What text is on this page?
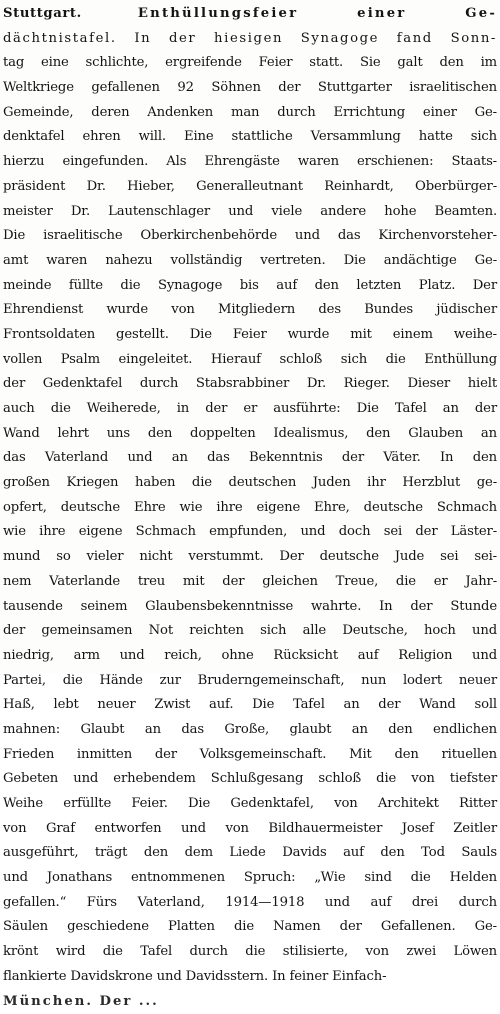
Stuttgart.	Enthüllungsfeier einer Ge-
dächtnistafel. In der hiesigen Synagoge fand Sonn-
tag eine schlichte, ergreifende Feier statt. Sie galt den im
Weltkriege gefallenen 92 Söhnen der Stuttgarter israelitischen
Gemeinde, deren Andenken man durch Errichtung einer Ge-
denktafel ehren will. Eine stattliche Versammlung hatte sich
hierzu eingefunden. Als Ehrengäste waren erschienen: Staats-
präsident Dr. Hieber, Generalleutnant Reinhardt, Oberbürger-
meister Dr. Lautenschlager und viele andere hohe Beamten.
Die israelitische Oberkirchenbehörde und das Kirchenvorsteher-
amt waren nahezu vollständig vertreten. Die andächtige Ge-
meinde füllte die Synagoge bis auf den letzten Platz. Der
Ehrendienst wurde von Mitgliedern des Bundes jüdischer
Frontsoldaten gestellt. Die Feier wurde mit einem weihe-
vollen Psalm eingeleitet. Hierauf schloß sich die Enthüllung
der Gedenktafel durch Stabsrabbiner Dr. Rieger. Dieser hielt
auch die Weiherede, in der er ausführte: Die Tafel an der
Wand lehrt uns den doppelten Idealismus, den Glauben an
das Vaterland und an das Bekenntnis der Väter. In den
großen Kriegen haben die deutschen Juden ihr Herzblut ge-
opfert, deutsche Ehre wie ihre eigene Ehre, deutsche Schmach
wie ihre eigene Schmach empfunden, und doch sei der Läster-
mund so vieler nicht verstummt. Der deutsche Jude sei sei-
nem Vaterlande treu mit der gleichen Treue, die er Jahr-
tausende seinem Glaubensbekenntnisse wahrte. In der Stunde
der gemeinsamen Not reichten sich alle Deutsche, hoch und
niedrig, arm und reich, ohne Rücksicht auf Religion und
Partei, die Hände zur Bruderngemeinschaft, nun lodert neuer
Haß, lebt neuer Zwist auf. Die Tafel an der Wand soll
mahnen: Glaubt an das Große, glaubt an den endlichen
Frieden inmitten der Volksgemeinschaft. Mit den rituellen
Gebeten und erhebendem Schlußgesang schloß die von tiefster
Weihe erfüllte Feier. Die Gedenktafel, von Architekt Ritter
von Graf entworfen und von Bildhauermeister Josef Zeitler
ausgeführt, trägt den dem Liede Davids auf den Tod Sauls
und Jonathans entnommenen Spruch: „Wie sind die Helden
gefallen.“ Fürs Vaterland, 1914—1918 und auf drei durch
Säulen geschiedene Platten die Namen der Gefallenen. Ge-
krönt wird die Tafel durch die stilisierte, von zwei Löwen
flankierte Davidskrone und Davidsstern. In feiner Einfach-
München. Der ...
